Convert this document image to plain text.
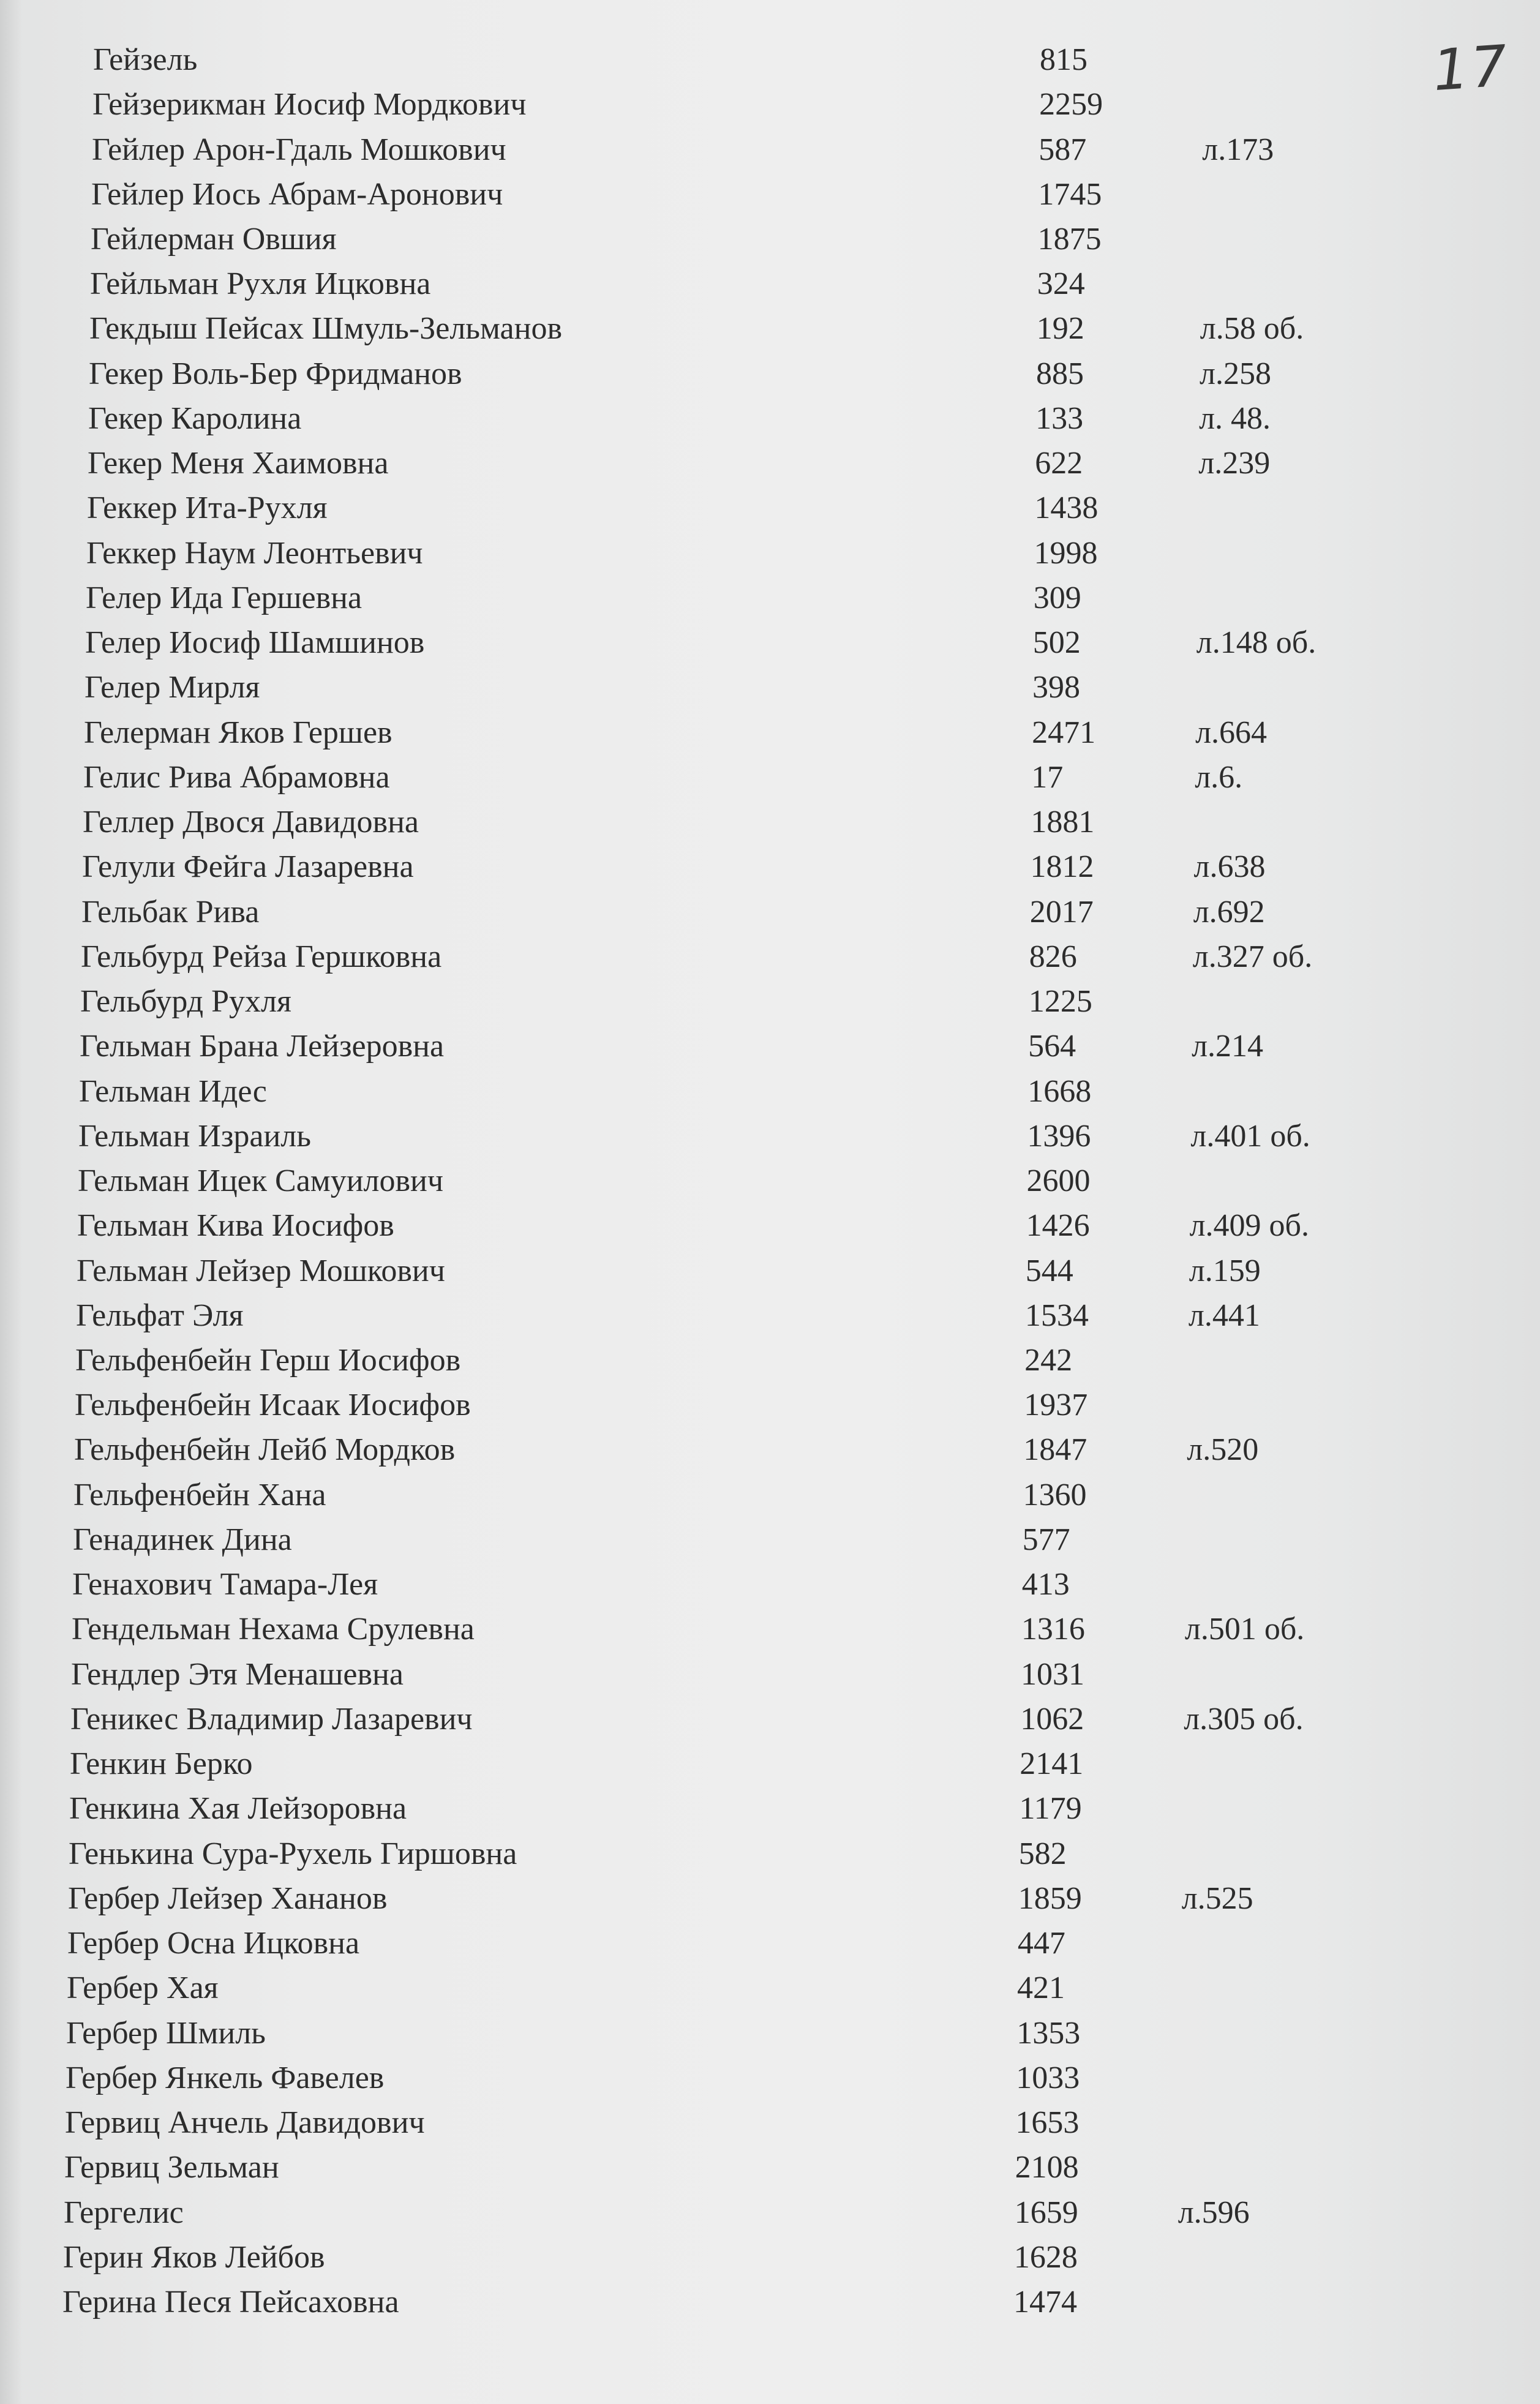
17
Гейзель	815
Гейзерикман Иосиф Мордкович	2259
Гейлер Арон-Гдаль Мошкович	587	л.173
Гейлер Иось Абрам-Аронович	1745
Гейлерман Овшия	1875
Гейльман Рухля Ицковна	324
Гекдыш Пейсах Шмуль-Зельманов	192	л.58 об.
Гекер Воль-Бер Фридманов	885	л.258
Гекер Каролина	133	л. 48.
Гекер Меня Хаимовна	622	л.239
Геккер Ита-Рухля	1438
Геккер Наум Леонтьевич	1998
Гелер Ида Гершевна	309
Гелер Иосиф Шамшинов	502	л.148 об.
Гелер Мирля	398
Гелерман Яков Гершев	2471	л.664
Гелис Рива Абрамовна	17	л.6.
Геллер Двося Давидовна	1881
Гелули Фейга Лазаревна	1812	л.638
Гельбак Рива	2017	л.692
Гельбурд Рейза Гершковна	826	л.327 об.
Гельбурд Рухля	1225
Гельман Брана Лейзеровна	564	л.214
Гельман Идес	1668
Гельман Израиль	1396	л.401 об.
Гельман Ицек Самуилович	2600
Гельман Кива Иосифов	1426	л.409 об.
Гельман Лейзер Мошкович	544	л.159
Гельфат Эля	1534	л.441
Гельфенбейн Герш Иосифов	242
Гельфенбейн Исаак Иосифов	1937
Гельфенбейн Лейб Мордков	1847	л.520
Гельфенбейн Хана	1360
Генадинек Дина	577
Генахович Тамара-Лея	413
Гендельман Нехама Срулевна	1316	л.501 об.
Гендлер Этя Менашевна	1031
Геникес Владимир Лазаревич	1062	л.305 об.
Генкин Берко	2141
Генкина Хая Лейзоровна	1179
Генькина Сура-Рухель Гиршовна	582
Гербер Лейзер Хананов	1859	л.525
Гербер Осна Ицковна	447
Гербер Хая	421
Гербер Шмиль	1353
Гербер Янкель Фавелев	1033
Гервиц Анчель Давидович	1653
Гервиц Зельман	2108
Гергелис	1659	л.596
Герин Яков Лейбов	1628
Герина Песя Пейсаховна	1474
